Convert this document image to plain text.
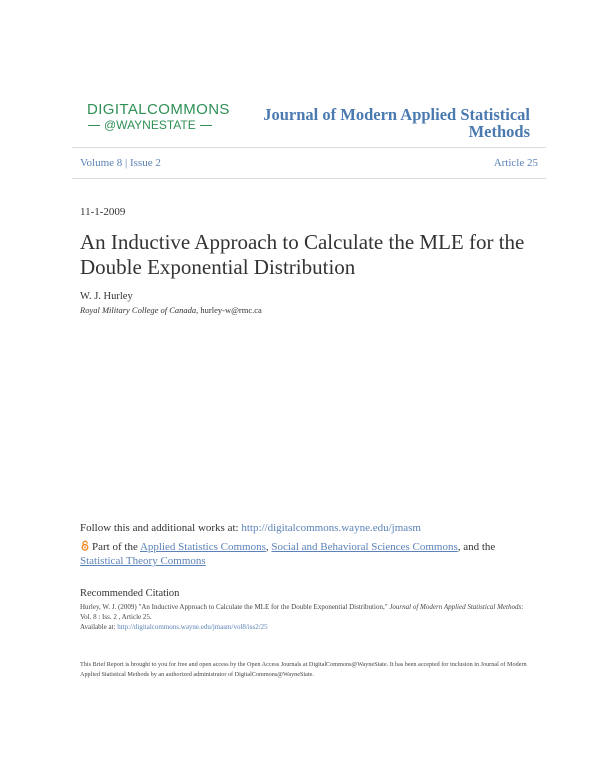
DIGITALCOMMONS
@WAYNESTATE
Journal of Modern Applied Statistical Methods
Volume 8 | Issue 2	Article 25
11-1-2009
An Inductive Approach to Calculate the MLE for the Double Exponential Distribution
W. J. Hurley
Royal Military College of Canada, hurley-w@rmc.ca
Follow this and additional works at: http://digitalcommons.wayne.edu/jmasm
Part of the Applied Statistics Commons, Social and Behavioral Sciences Commons, and the
Statistical Theory Commons
Recommended Citation
Hurley, W. J. (2009) "An Inductive Approach to Calculate the MLE for the Double Exponential Distribution," Journal of Modern Applied Statistical Methods: Vol. 8 : Iss. 2 , Article 25.
Available at: http://digitalcommons.wayne.edu/jmasm/vol8/iss2/25
This Brief Report is brought to you for free and open access by the Open Access Journals at DigitalCommons@WayneState. It has been accepted for inclusion in Journal of Modern Applied Statistical Methods by an authorized administrator of DigitalCommons@WayneState.
